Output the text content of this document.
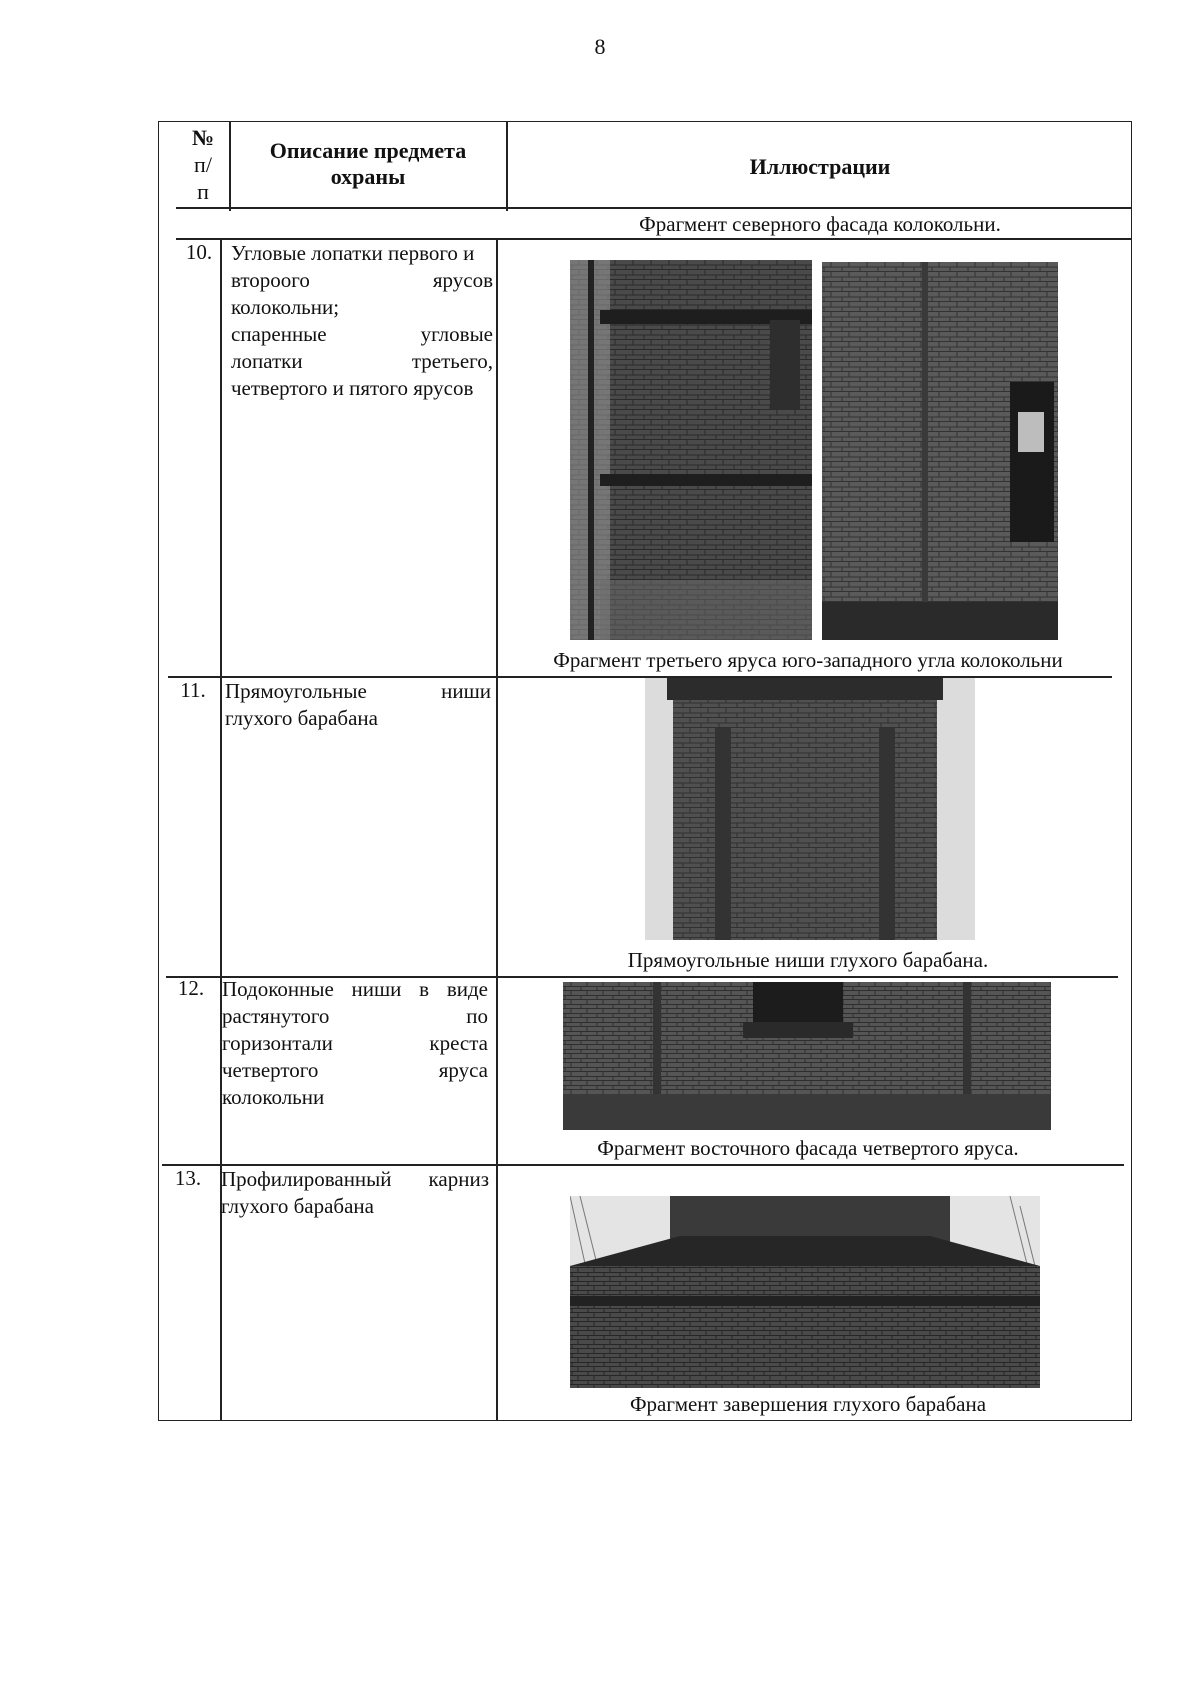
8
№
п/
п
Описание предмета
охраны	Иллюстрации
Фрагмент северного фасада колокольни.
10. Угловые лопатки первого и
второого ярусов
колокольни;
спаренные угловые
лопатки третьего,
четвертого и пятого ярусов
Фрагмент третьего яруса юго-западного угла колокольни
11. Прямоугольные ниши
глухого барабана
Прямоугольные ниши глухого барабана.
12. Подоконные ниши в виде
растянутого по
горизонтали креста
четвертого яруса
колокольни
Фрагмент восточного фасада четвертого яруса.
13. Профилированный карниз
глухого барабана
Фрагмент завершения глухого барабана
